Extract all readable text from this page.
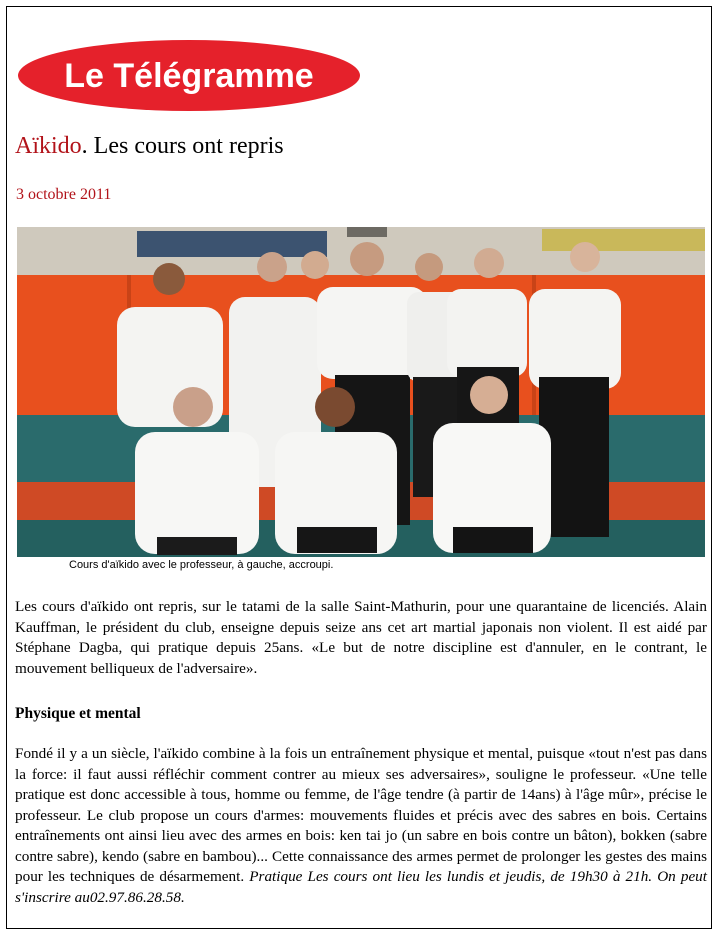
Le Télégramme
Aïkido. Les cours ont repris
3 octobre 2011
Cours d'aïkido avec le professeur, à gauche, accroupi.

Les cours d'aïkido ont repris, sur le tatami de la salle Saint-Mathurin, pour une quarantaine de licenciés. Alain Kauffman, le président du club, enseigne depuis seize ans cet art martial japonais non violent. Il est aidé par Stéphane Dagba, qui pratique depuis 25ans. «Le but de notre discipline est d'annuler, en le contrant, le mouvement belliqueux de l'adversaire».

Physique et mental

Fondé il y a un siècle, l'aïkido combine à la fois un entraînement physique et mental, puisque «tout n'est pas dans la force: il faut aussi réfléchir comment contrer au mieux ses adversaires», souligne le professeur. «Une telle pratique est donc accessible à tous, homme ou femme, de l'âge tendre (à partir de 14ans) à l'âge mûr», précise le professeur. Le club propose un cours d'armes: mouvements fluides et précis avec des sabres en bois. Certains entraînements ont ainsi lieu avec des armes en bois: ken tai jo (un sabre en bois contre un bâton), bokken (sabre contre sabre), kendo (sabre en bambou)... Cette connaissance des armes permet de prolonger les gestes des mains pour les techniques de désarmement. Pratique Les cours ont lieu les lundis et jeudis, de 19h30 à 21h. On peut s'inscrire au02.97.86.28.58.
